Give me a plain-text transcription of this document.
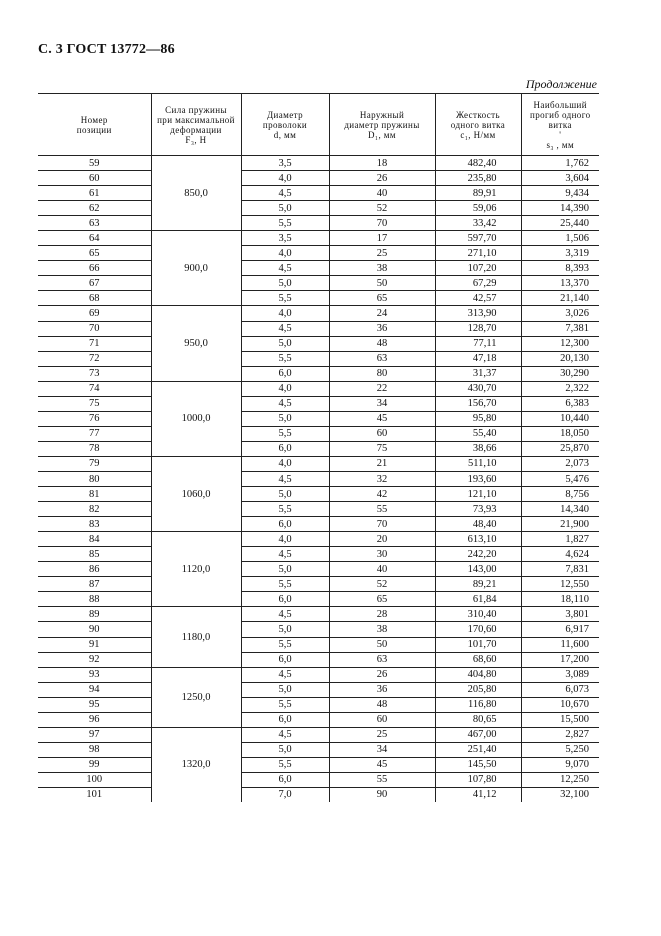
С. 3 ГОСТ 13772—86
Продолжение
Номер
позиции	Сила пружины
при максимальной
деформации
F₃, Н	Диаметр
проволоки
d, мм	Наружный
диаметр пружины
D₁, мм	Жесткость
одного витка
c₁, Н/мм	Наибольший
прогиб одного
витка
'
s₃ , мм

59	850,0	3,5	18	482,40	1,762
60		4,0	26	235,80	3,604
61		4,5	40	89,91	9,434
62		5,0	52	59,06	14,390
63		5,5	70	33,42	25,440
64	900,0	3,5	17	597,70	1,506
65		4,0	25	271,10	3,319
66		4,5	38	107,20	8,393
67		5,0	50	67,29	13,370
68		5,5	65	42,57	21,140
69	950,0	4,0	24	313,90	3,026
70		4,5	36	128,70	7,381
71		5,0	48	77,11	12,300
72		5,5	63	47,18	20,130
73		6,0	80	31,37	30,290
74	1000,0	4,0	22	430,70	2,322
75		4,5	34	156,70	6,383
76		5,0	45	95,80	10,440
77		5,5	60	55,40	18,050
78		6,0	75	38,66	25,870
79	1060,0	4,0	21	511,10	2,073
80		4,5	32	193,60	5,476
81		5,0	42	121,10	8,756
82		5,5	55	73,93	14,340
83		6,0	70	48,40	21,900
84	1120,0	4,0	20	613,10	1,827
85		4,5	30	242,20	4,624
86		5,0	40	143,00	7,831
87		5,5	52	89,21	12,550
88		6,0	65	61,84	18,110
89	1180,0	4,5	28	310,40	3,801
90		5,0	38	170,60	6,917
91		5,5	50	101,70	11,600
92		6,0	63	68,60	17,200
93	1250,0	4,5	26	404,80	3,089
94		5,0	36	205,80	6,073
95		5,5	48	116,80	10,670
96		6,0	60	80,65	15,500
97	1320,0	4,5	25	467,00	2,827
98		5,0	34	251,40	5,250
99		5,5	45	145,50	9,070
100		6,0	55	107,80	12,250
101		7,0	90	41,12	32,100
